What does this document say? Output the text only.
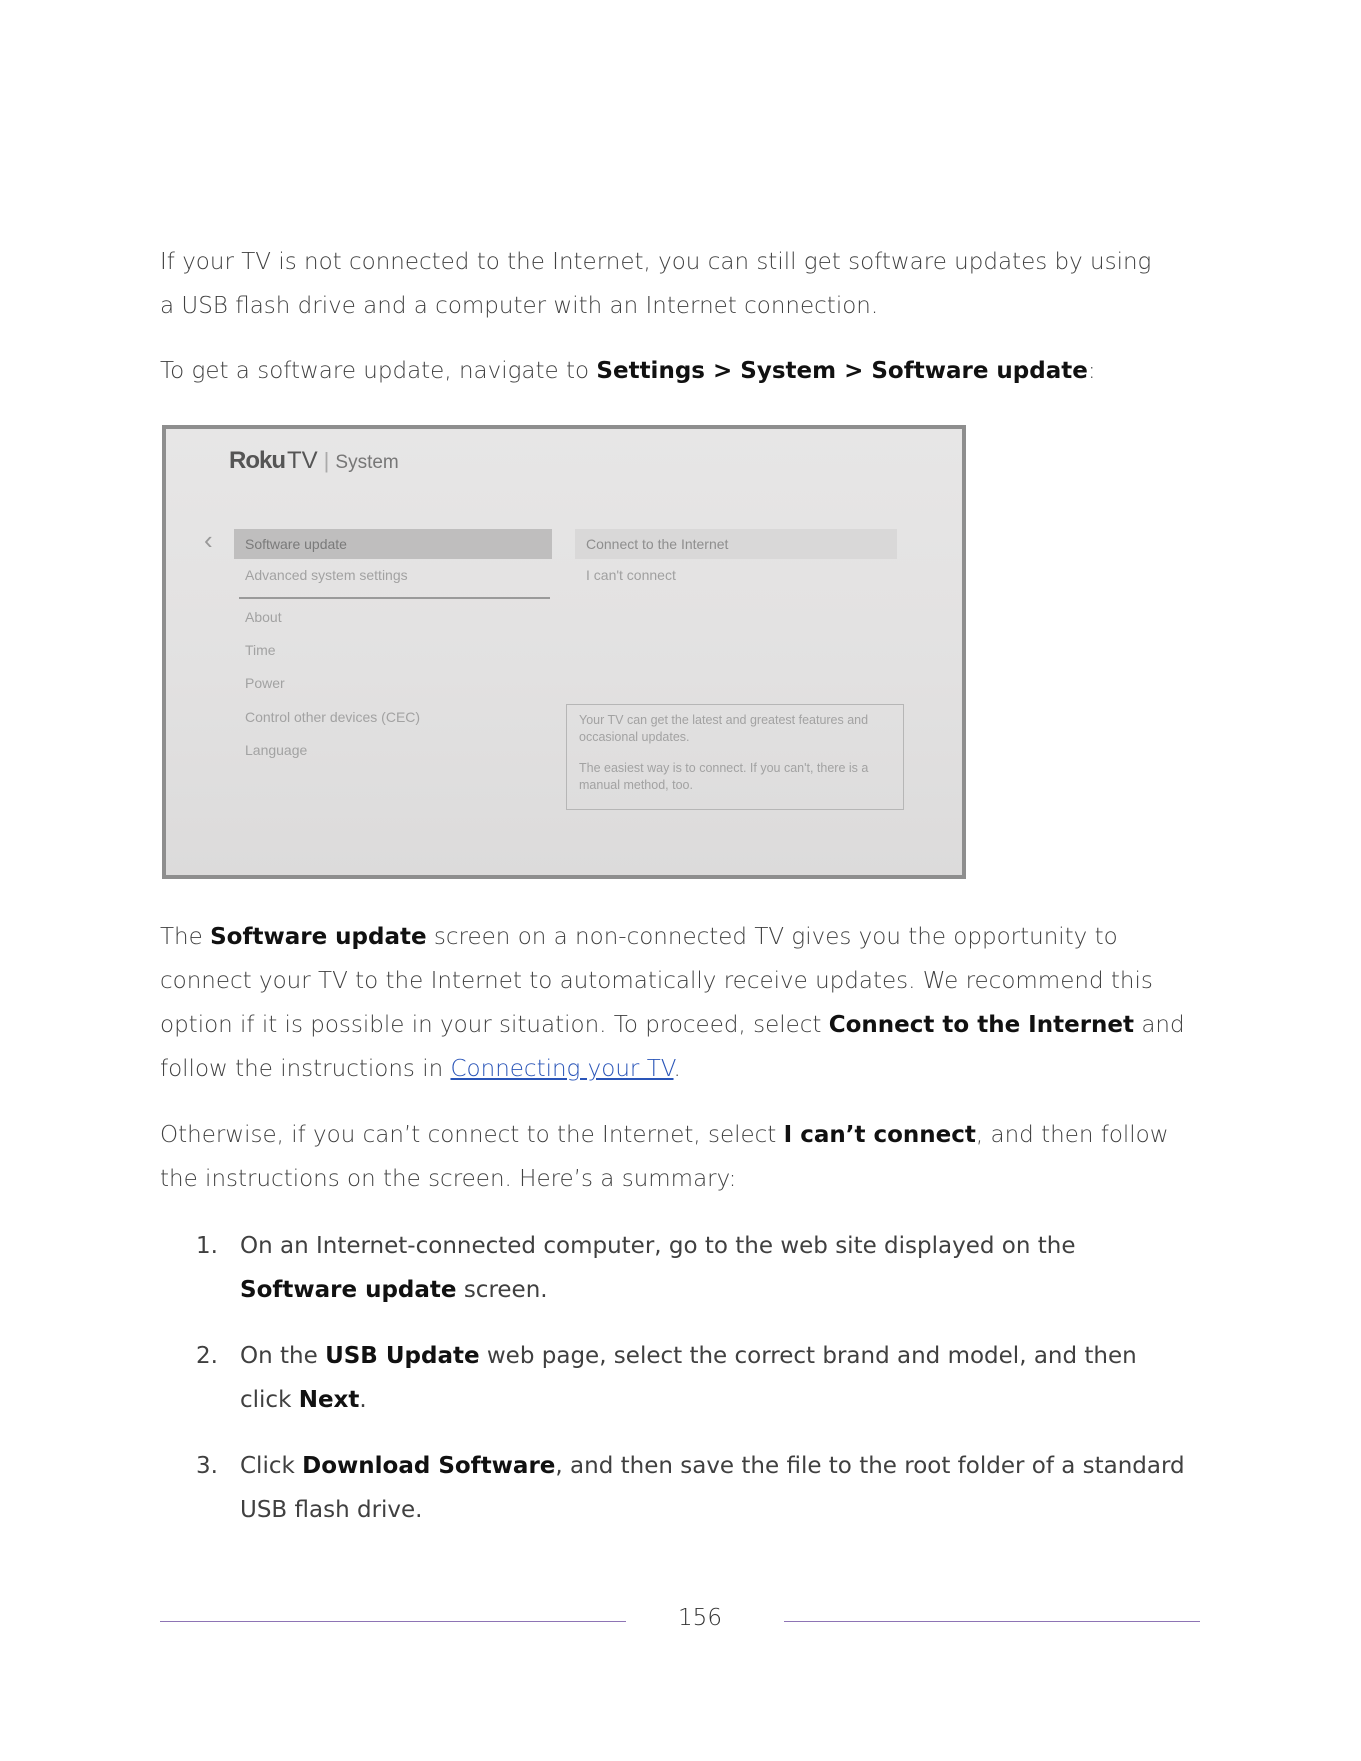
If your TV is not connected to the Internet, you can still get software updates by using
a USB flash drive and a computer with an Internet connection.

To get a software update, navigate to Settings > System > Software update:

RokuTV | System
‹	Software update
Advanced system settings
About
Time
Power
Control other devices (CEC)
Language
Connect to the Internet
I can't connect

Your TV can get the latest and greatest features and occasional updates.

The easiest way is to connect. If you can't, there is a manual method, too.

The Software update screen on a non-connected TV gives you the opportunity to connect your TV to the Internet to automatically receive updates. We recommend this option if it is possible in your situation. To proceed, select Connect to the Internet and follow the instructions in Connecting your TV.

Otherwise, if you can’t connect to the Internet, select I can’t connect, and then follow the instructions on the screen. Here’s a summary:

1. On an Internet-connected computer, go to the web site displayed on the Software update screen.
2. On the USB Update web page, select the correct brand and model, and then click Next.
3. Click Download Software, and then save the file to the root folder of a standard USB flash drive.
156
